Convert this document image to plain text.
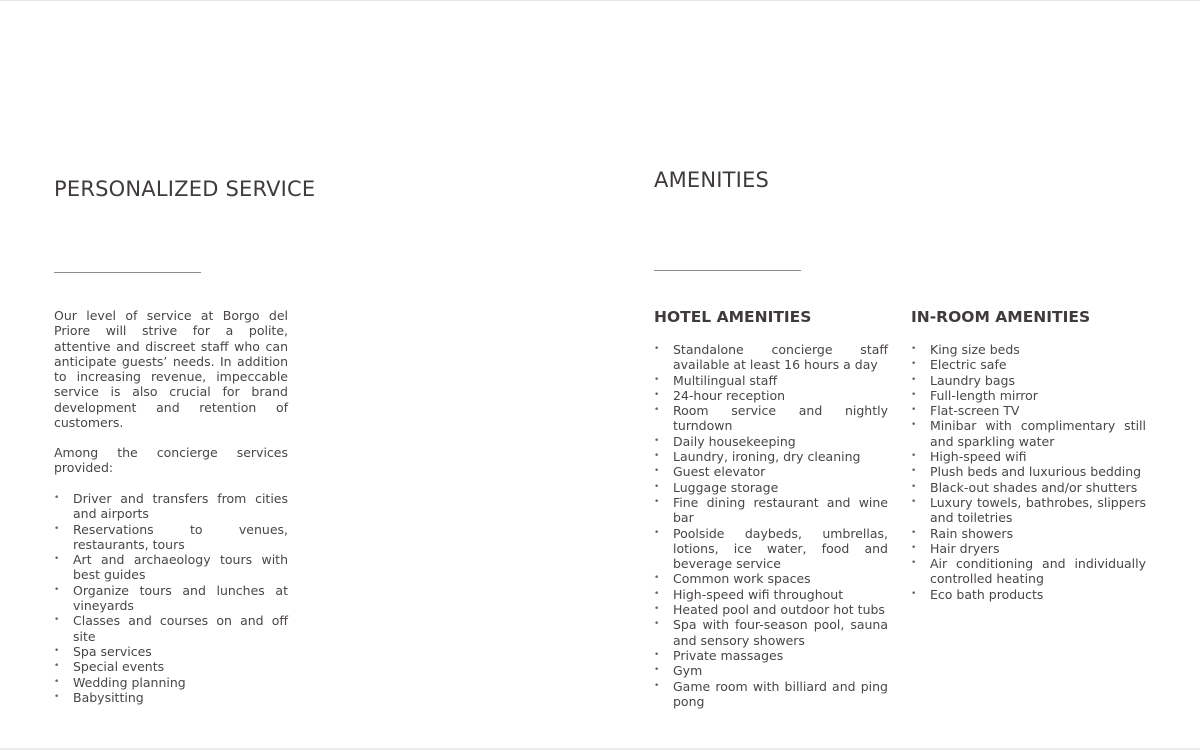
PERSONALIZED SERVICE

Our level of service at Borgo del Priore will strive for a polite, attentive and discreet staff who can anticipate guests’ needs. In addition to increasing revenue, impeccable service is also crucial for brand development and retention of customers.

Among the concierge services provided:

• Driver and transfers from cities and airports
• Reservations to venues, restaurants, tours
• Art and archaeology tours with best guides
• Organize tours and lunches at vineyards
• Classes and courses on and off site
• Spa services
• Special events
• Wedding planning
• Babysitting
AMENITIES
HOTEL AMENITIES
• Standalone concierge staff available at least 16 hours a day
• Multilingual staff
• 24-hour reception
• Room service and nightly turndown
• Daily housekeeping
• Laundry, ironing, dry cleaning
• Guest elevator
• Luggage storage
• Fine dining restaurant and wine bar
• Poolside daybeds, umbrellas, lotions, ice water, food and beverage service
• Common work spaces
• High-speed wifi throughout
• Heated pool and outdoor hot tubs
• Spa with four-season pool, sauna and sensory showers
• Private massages
• Gym
• Game room with billiard and ping pong
IN-ROOM AMENITIES
• King size beds
• Electric safe
• Laundry bags
• Full-length mirror
• Flat-screen TV
• Minibar with complimentary still and sparkling water
• High-speed wifi
• Plush beds and luxurious bedding
• Black-out shades and/or shutters
• Luxury towels, bathrobes, slippers and toiletries
• Rain showers
• Hair dryers
• Air conditioning and individually controlled heating
• Eco bath products
